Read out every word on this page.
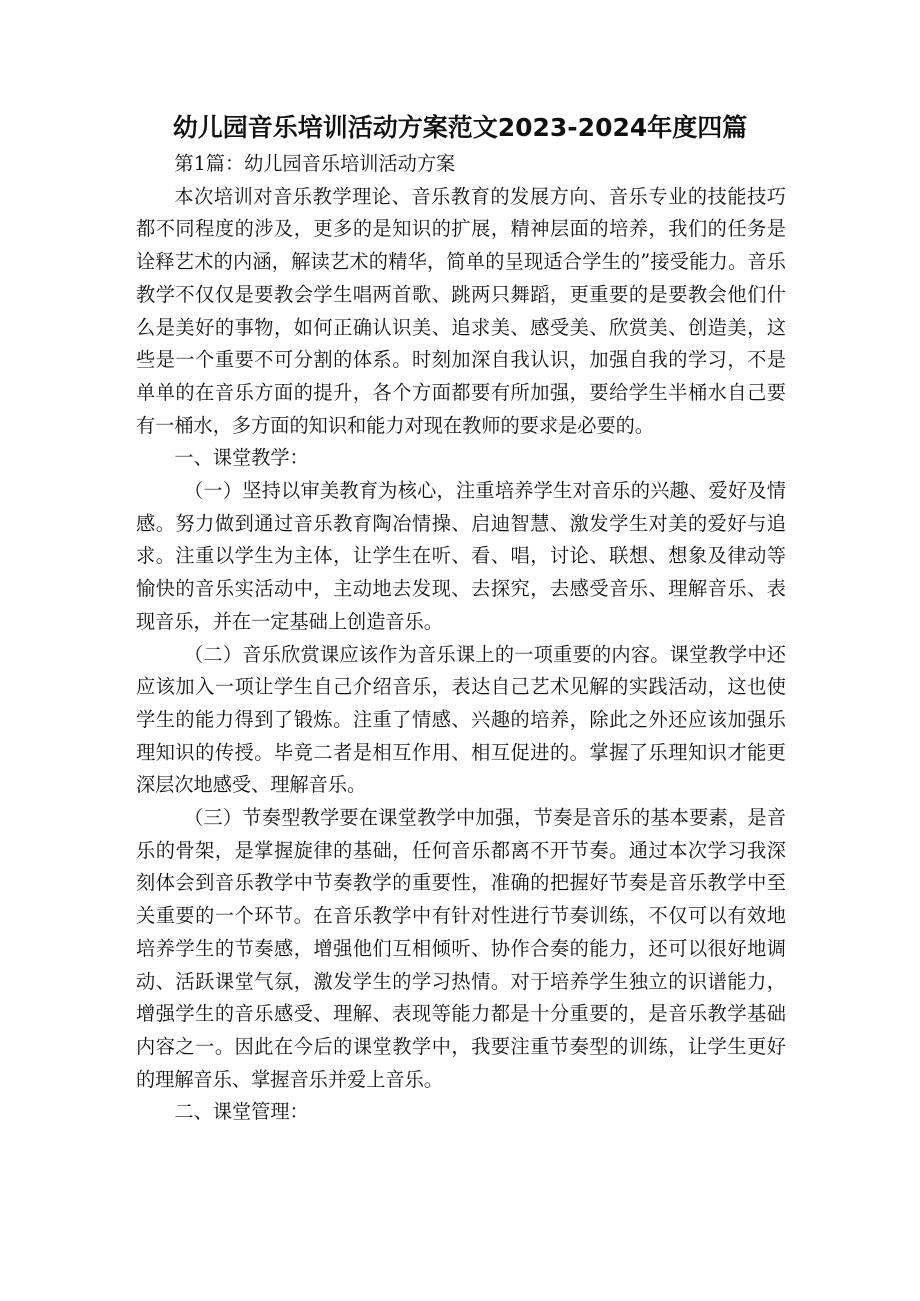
幼儿园音乐培训活动方案范文2023-2024年度四篇

第1篇：幼儿园音乐培训活动方案

本次培训对音乐教学理论、音乐教育的发展方向、音乐专业的技能技巧都不同程度的涉及，更多的是知识的扩展，精神层面的培养，我们的任务是诠释艺术的内涵，解读艺术的精华，简单的呈现适合学生的”接受能力。音乐教学不仅仅是要教会学生唱两首歌、跳两只舞蹈，更重要的是要教会他们什么是美好的事物，如何正确认识美、追求美、感受美、欣赏美、创造美，这些是一个重要不可分割的体系。时刻加深自我认识，加强自我的学习，不是单单的在音乐方面的提升，各个方面都要有所加强，要给学生半桶水自己要有一桶水，多方面的知识和能力对现在教师的要求是必要的。

一、课堂教学：

（一）坚持以审美教育为核心，注重培养学生对音乐的兴趣、爱好及情感。努力做到通过音乐教育陶冶情操、启迪智慧、激发学生对美的爱好与追求。注重以学生为主体，让学生在听、看、唱，讨论、联想、想象及律动等愉快的音乐实活动中，主动地去发现、去探究，去感受音乐、理解音乐、表现音乐，并在一定基础上创造音乐。

（二）音乐欣赏课应该作为音乐课上的一项重要的内容。课堂教学中还应该加入一项让学生自己介绍音乐，表达自己艺术见解的实践活动，这也使学生的能力得到了锻炼。注重了情感、兴趣的培养，除此之外还应该加强乐理知识的传授。毕竟二者是相互作用、相互促进的。掌握了乐理知识才能更深层次地感受、理解音乐。

（三）节奏型教学要在课堂教学中加强，节奏是音乐的基本要素，是音乐的骨架，是掌握旋律的基础，任何音乐都离不开节奏。通过本次学习我深刻体会到音乐教学中节奏教学的重要性，准确的把握好节奏是音乐教学中至关重要的一个环节。在音乐教学中有针对性进行节奏训练，不仅可以有效地培养学生的节奏感，增强他们互相倾听、协作合奏的能力，还可以很好地调动、活跃课堂气氛，激发学生的学习热情。对于培养学生独立的识谱能力，增强学生的音乐感受、理解、表现等能力都是十分重要的，是音乐教学基础内容之一。因此在今后的课堂教学中，我要注重节奏型的训练，让学生更好的理解音乐、掌握音乐并爱上音乐。

二、课堂管理：
